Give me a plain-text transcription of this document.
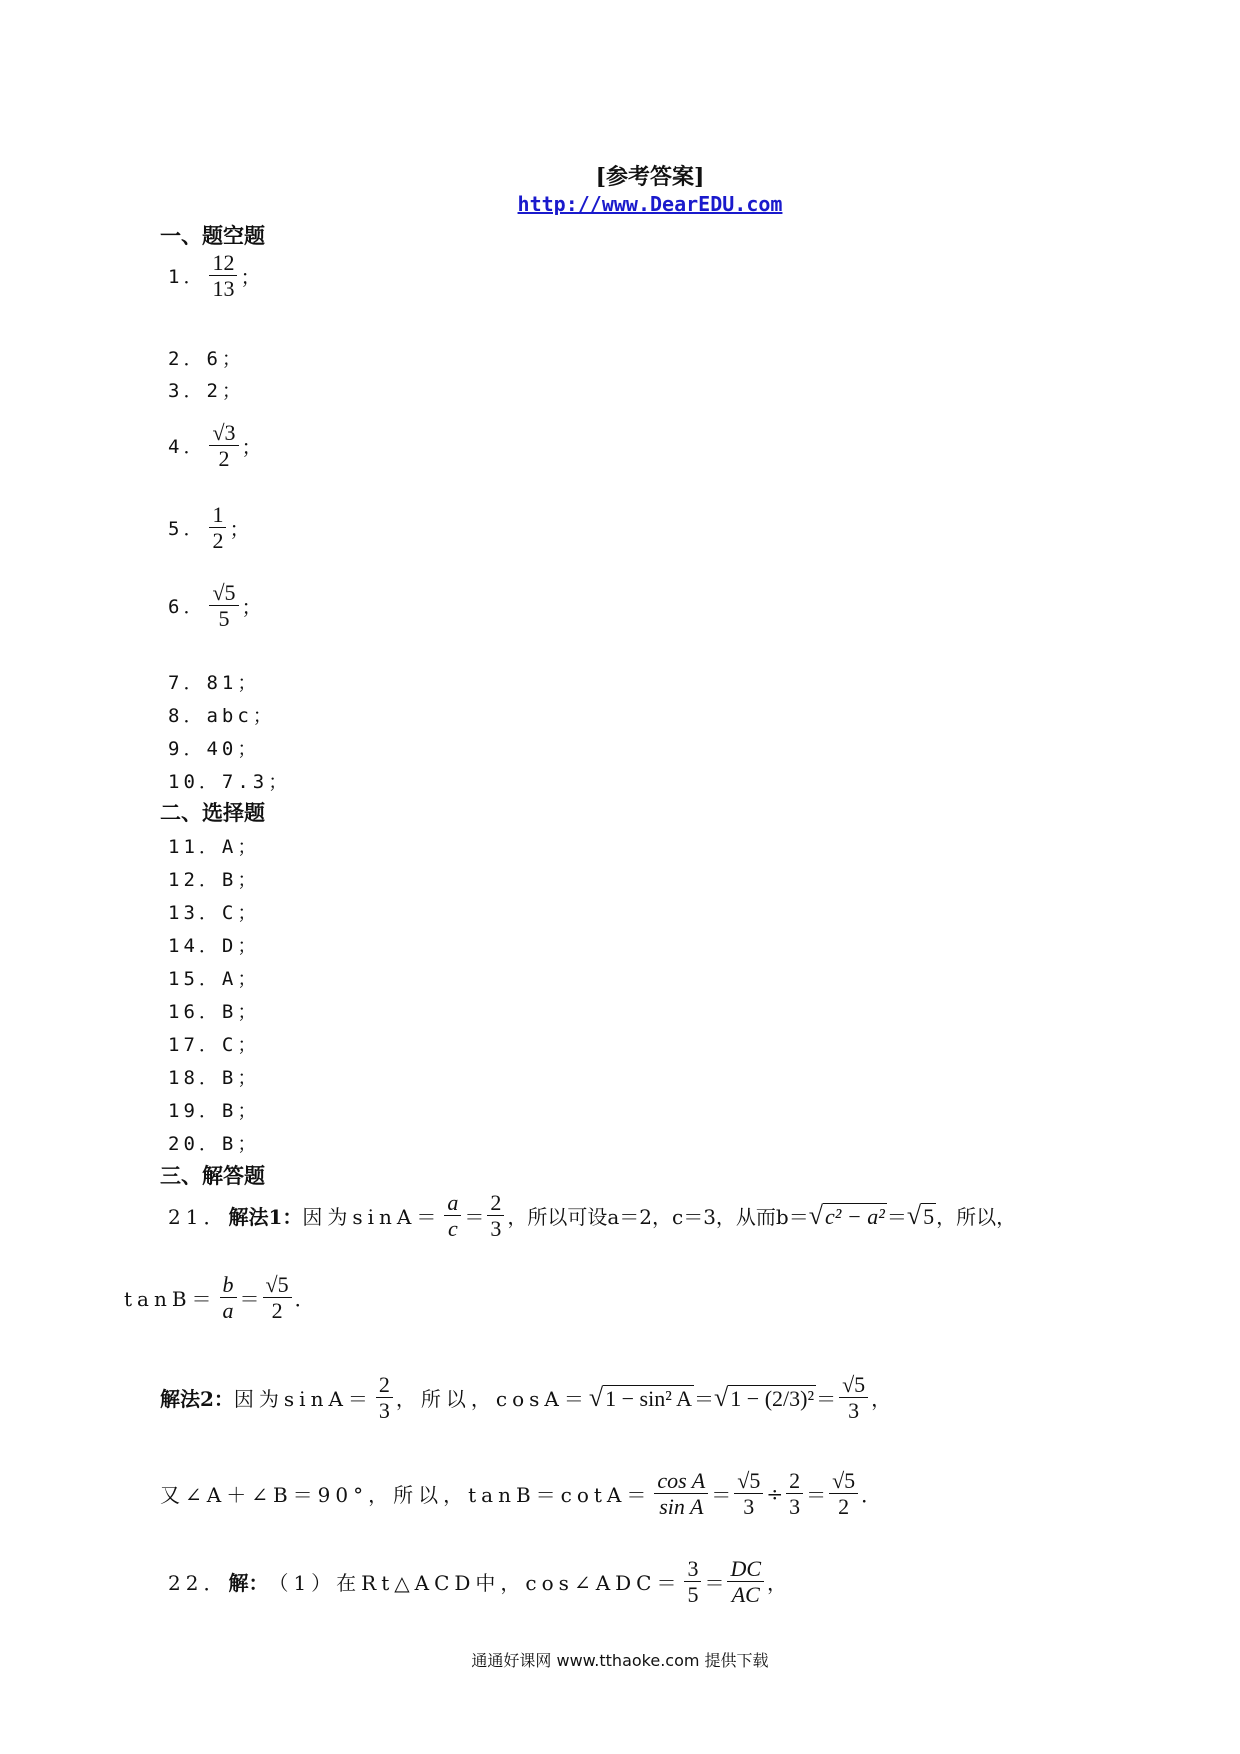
[参考答案]
http://www.DearEDU.com
一、题空题
1． $\frac{12}{13}$ ；
2．6；
3．2；
4． $\frac{√3}{2}$ ；
5． $\frac{1}{2}$ ；
6． $\frac{√5}{5}$ ；
7．81；
8．abc；
9．40；
10．7.3；
二、选择题
11．A；
12．B；
13．C；
14．D；
15．A；
16．B；
17．C；
18．B；
19．B；
20．B；
三、解答题
21． 解法1： 因为$\sin A= \frac{a}{c} = \frac{2}{3}$ ，所以可设a＝2，c＝3，从而b＝ √c² − a² ＝ √5 ，所以，
$\tan B= \frac{b}{a} = \frac{√5}{2}$ ．
解法2： 因为$\sin A= \frac{2}{3}$ ，所以，cosA＝ √1 − sin² $A = √1 - (2/3)^2 = \frac{√5}{3}$ ，
又∠A＋∠B＝90°，所以，$\tan B=\cot A= \frac{\text{cos A}}{\text{sin A}} = \frac{√5}{3} \div \frac{2}{3} = \frac{√5}{2}$ ．
22． 解： （1）在Rt△ACD中，cos∠ADC＝ $\frac{3}{5} = \frac{DC}{AC}$ ，
通通好课网 www.tthaoke.com 提供下载
